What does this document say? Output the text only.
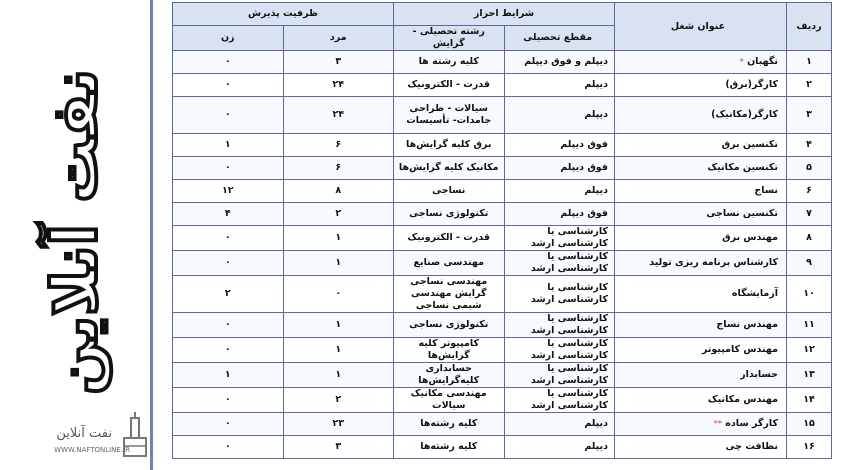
نفت آنلاین
نفت آنلاین
WWW.NAFTONLINE.IR
ردیف	عنوان شغل	شرایط احراز		ظرفیت پذیرش	
		مقطع تحصیلی	رشته تحصیلی - گرایش	مرد	زن
۱	نگهبان *	دیپلم و فوق دیپلم	کلیه رشته ها	۳	۰
۲	کارگر(برق)	دیپلم	قدرت - الکترونیک	۲۴	۰
۳	کارگر(مکانیک)	دیپلم	سیالات - طراحی جامدات- تأسیسات	۲۴	۰
۴	تکنسین برق	فوق دیپلم	برق کلیه گرایش‌ها	۶	۱
۵	تکنسین مکانیک	فوق دیپلم	مکانیک کلیه گرایش‌ها	۶	۰
۶	نساج	دیپلم	نساجی	۸	۱۲
۷	تکنسین نساجی	فوق دیپلم	تکنولوژی نساجی	۲	۴
۸	مهندس برق	کارشناسی یا کارشناسی ارشد	قدرت - الکترونیک	۱	۰
۹	کارشناس برنامه ریزی تولید	کارشناسی یا کارشناسی ارشد	مهندسی صنایع	۱	۰
۱۰	آزمایشگاه	کارشناسی یا کارشناسی ارشد	مهندسی نساجی گرایش مهندسی شیمی نساجی	۰	۲
۱۱	مهندس نساج	کارشناسی یا کارشناسی ارشد	تکنولوژی نساجی	۱	۰
۱۲	مهندس کامپیوتر	کارشناسی یا کارشناسی ارشد	کامپیوتر کلیه گرایش‌ها	۱	۰
۱۳	حسابدار	کارشناسی یا کارشناسی ارشد	حسابداری کلیه‌گرایش‌ها	۱	۱
۱۴	مهندس مکانیک	کارشناسی یا کارشناسی ارشد	مهندسی مکانیک سیالات	۲	۰
۱۵	کارگر ساده **	دیپلم	کلیه رشته‌ها	۲۳	۰
۱۶	نظافت چی	دیپلم	کلیه رشته‌ها	۳	۰
